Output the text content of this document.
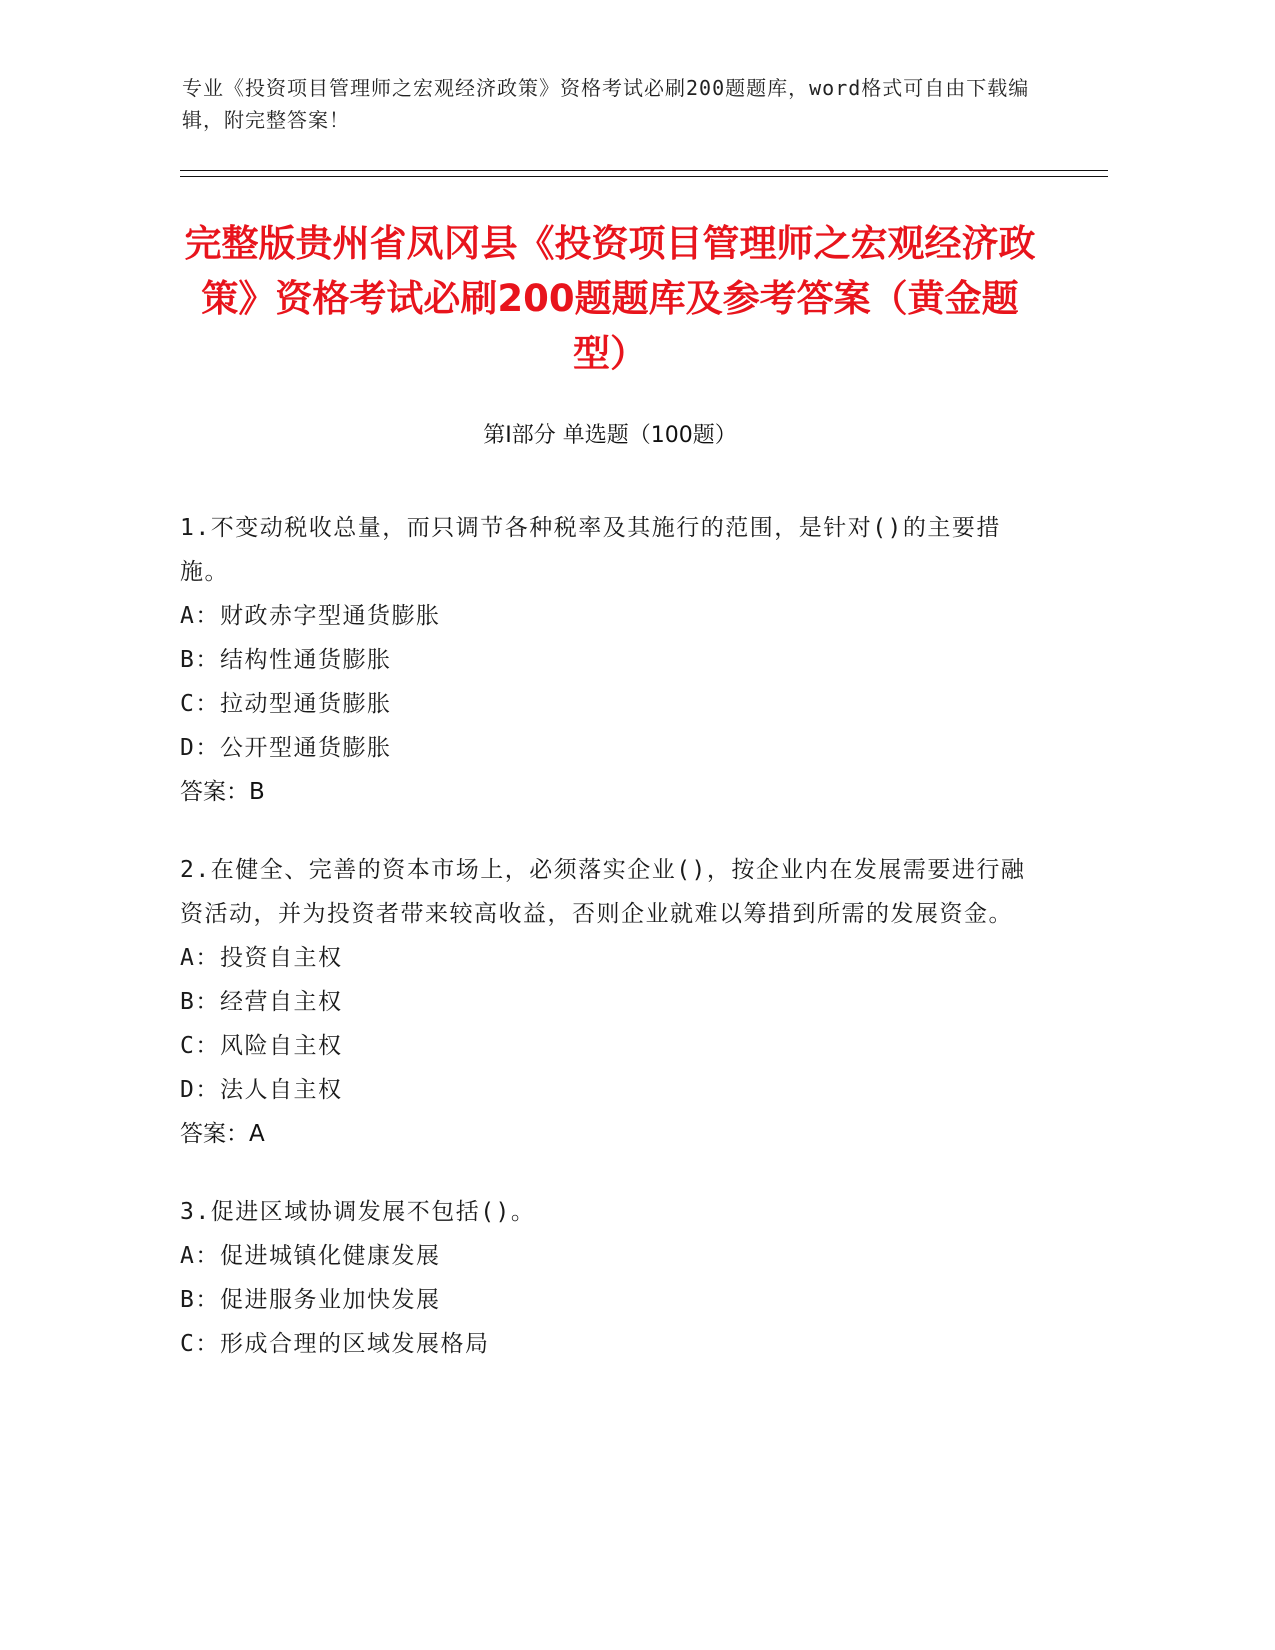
专业《投资项目管理师之宏观经济政策》资格考试必刷200题题库，word格式可自由下载编辑，附完整答案！
完整版贵州省凤冈县《投资项目管理师之宏观经济政策》资格考试必刷200题题库及参考答案（黄金题型）
第Ⅰ部分 单选题（100题）
1.不变动税收总量，而只调节各种税率及其施行的范围，是针对()的主要措施。
A：财政赤字型通货膨胀
B：结构性通货膨胀
C：拉动型通货膨胀
D：公开型通货膨胀
答案：B
2.在健全、完善的资本市场上，必须落实企业()，按企业内在发展需要进行融资活动，并为投资者带来较高收益，否则企业就难以筹措到所需的发展资金。
A：投资自主权
B：经营自主权
C：风险自主权
D：法人自主权
答案：A
3.促进区域协调发展不包括()。
A：促进城镇化健康发展
B：促进服务业加快发展
C：形成合理的区域发展格局
